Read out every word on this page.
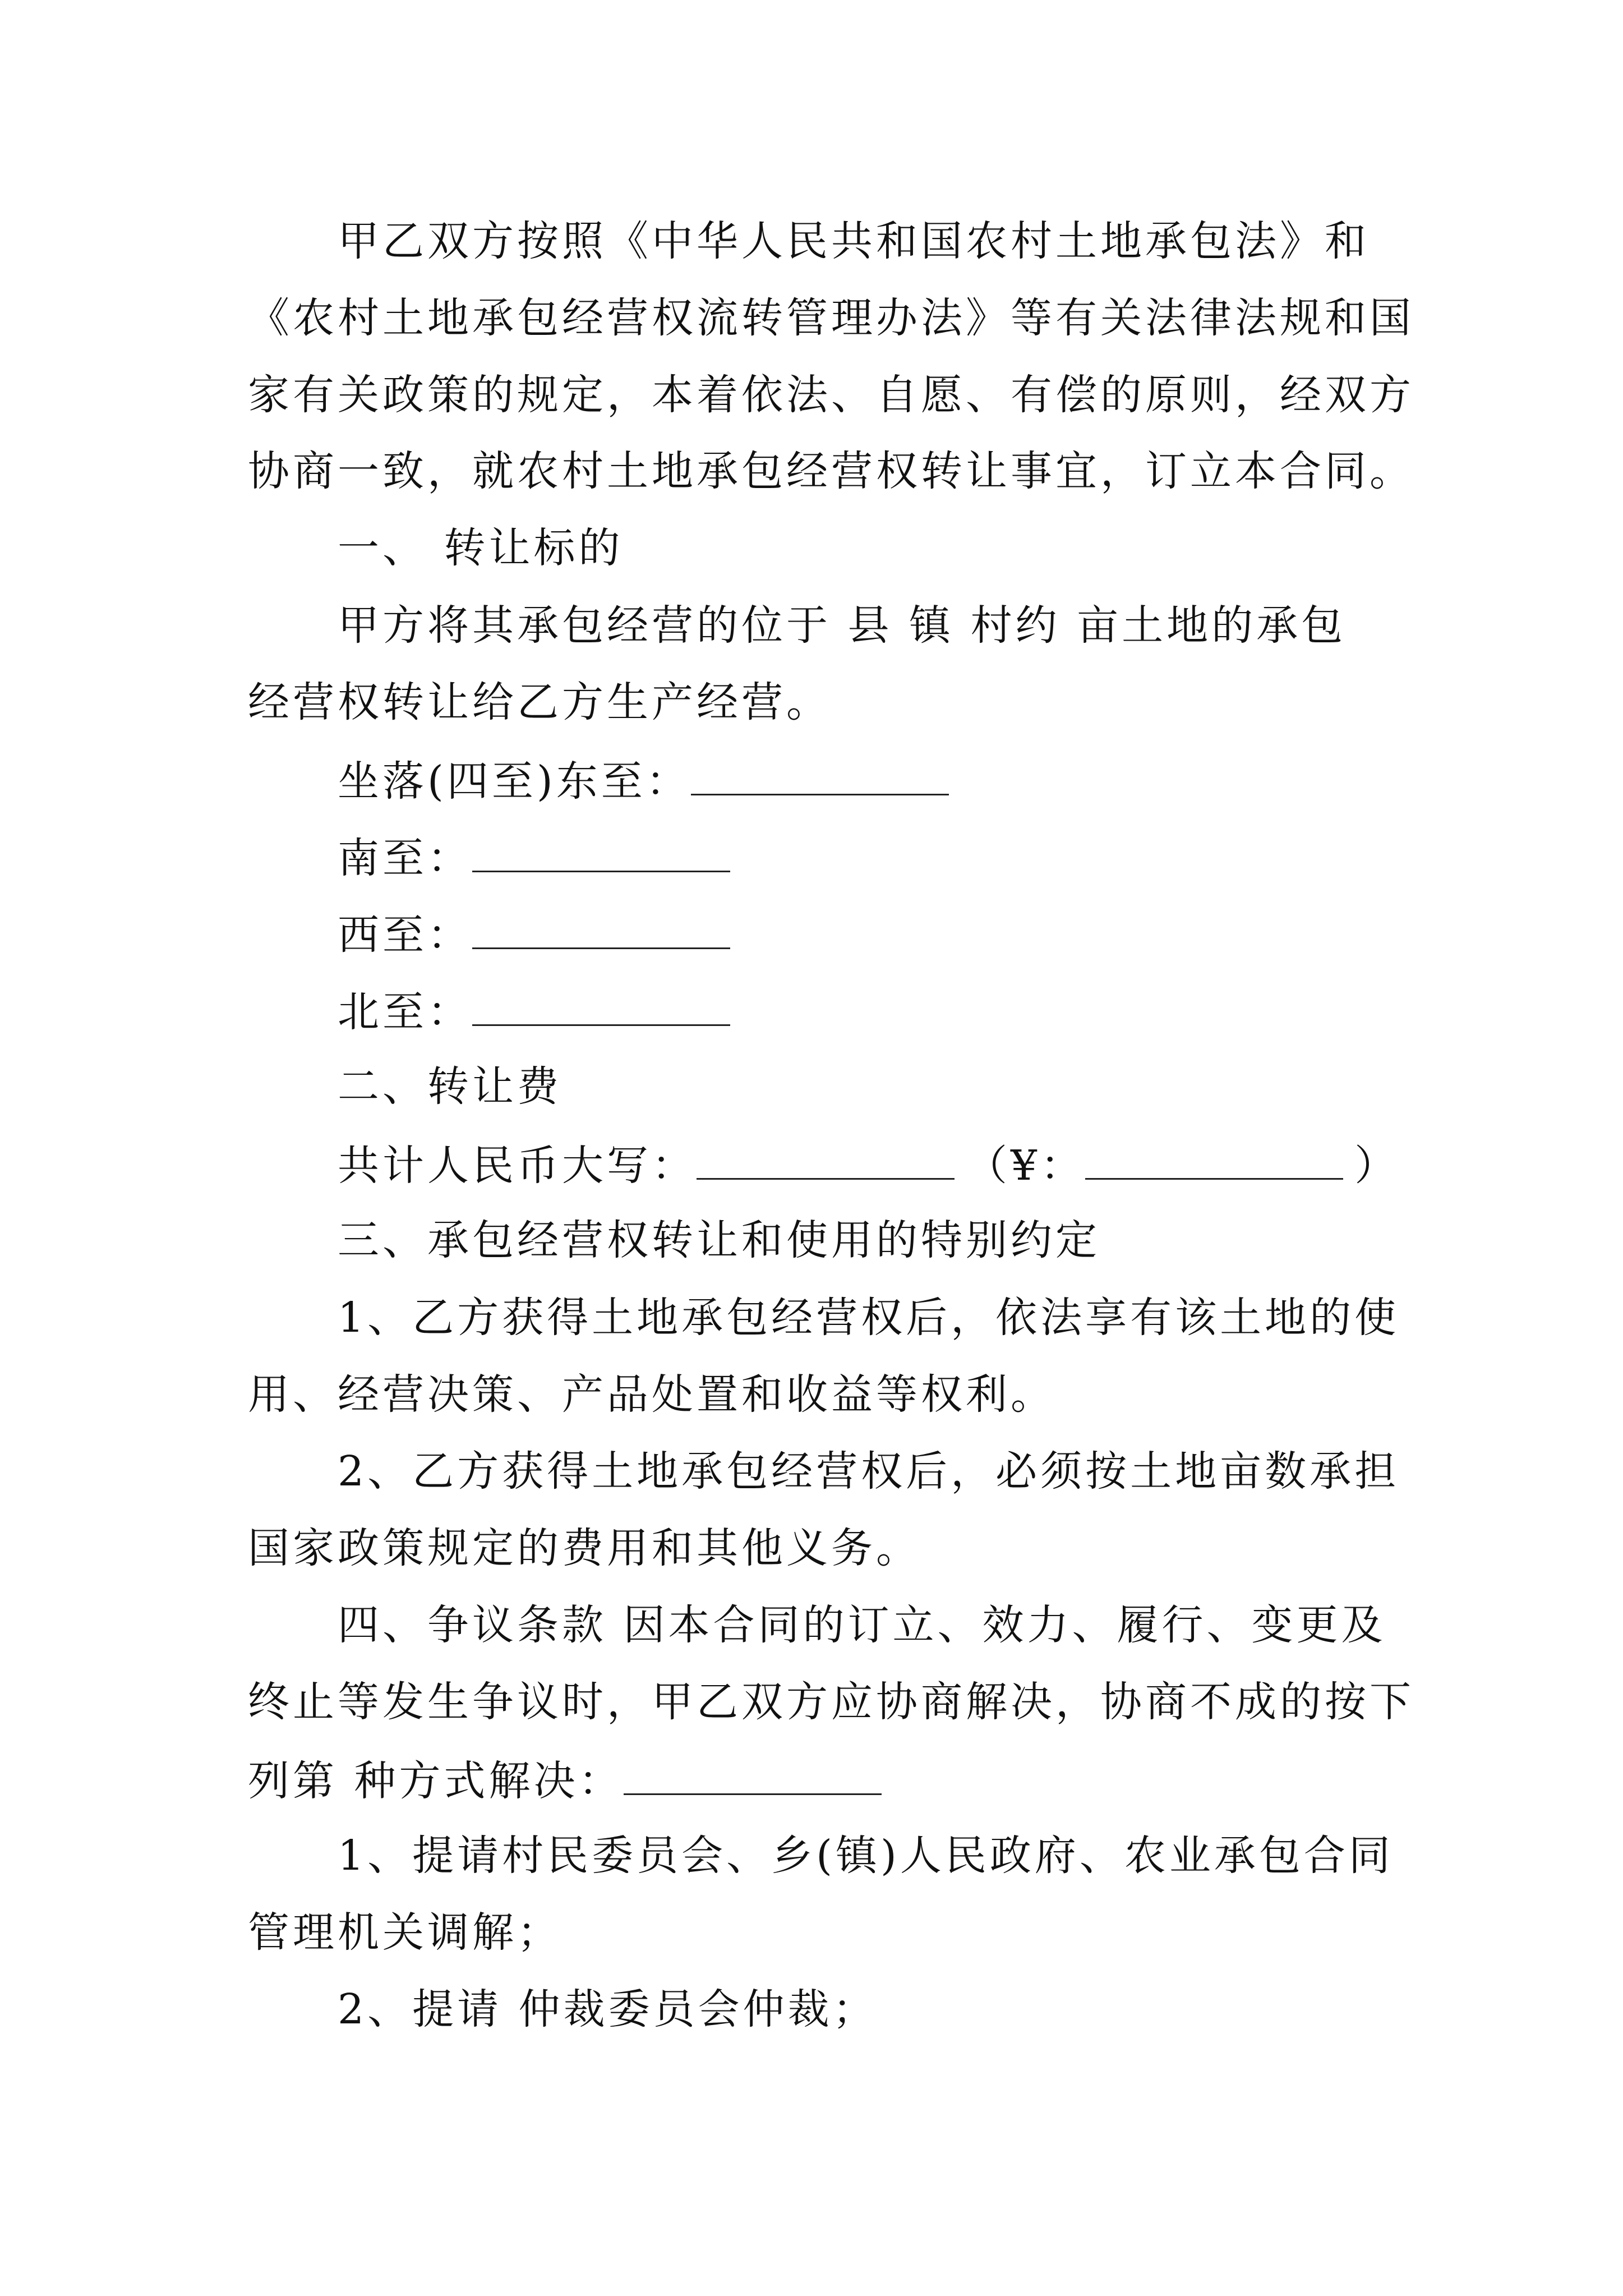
甲乙双方按照《中华人民共和国农村土地承包法》和
《农村土地承包经营权流转管理办法》等有关法律法规和国
家有关政策的规定，本着依法、自愿、有偿的原则，经双方
协商一致，就农村土地承包经营权转让事宜，订立本合同。
一、 转让标的
甲方将其承包经营的位于 县 镇 村约 亩土地的承包
经营权转让给乙方生产经营。
坐落(四至)东至：
南至：
西至：
北至：
二、转让费
共计人民币大写：	（¥：	）
三、承包经营权转让和使用的特别约定
1、乙方获得土地承包经营权后，依法享有该土地的使
用、经营决策、产品处置和收益等权利。
2、乙方获得土地承包经营权后，必须按土地亩数承担
国家政策规定的费用和其他义务。
四、争议条款 因本合同的订立、效力、履行、变更及
终止等发生争议时，甲乙双方应协商解决，协商不成的按下
列第 种方式解决：
1、提请村民委员会、乡(镇)人民政府、农业承包合同
管理机关调解；
2、提请 仲裁委员会仲裁；
